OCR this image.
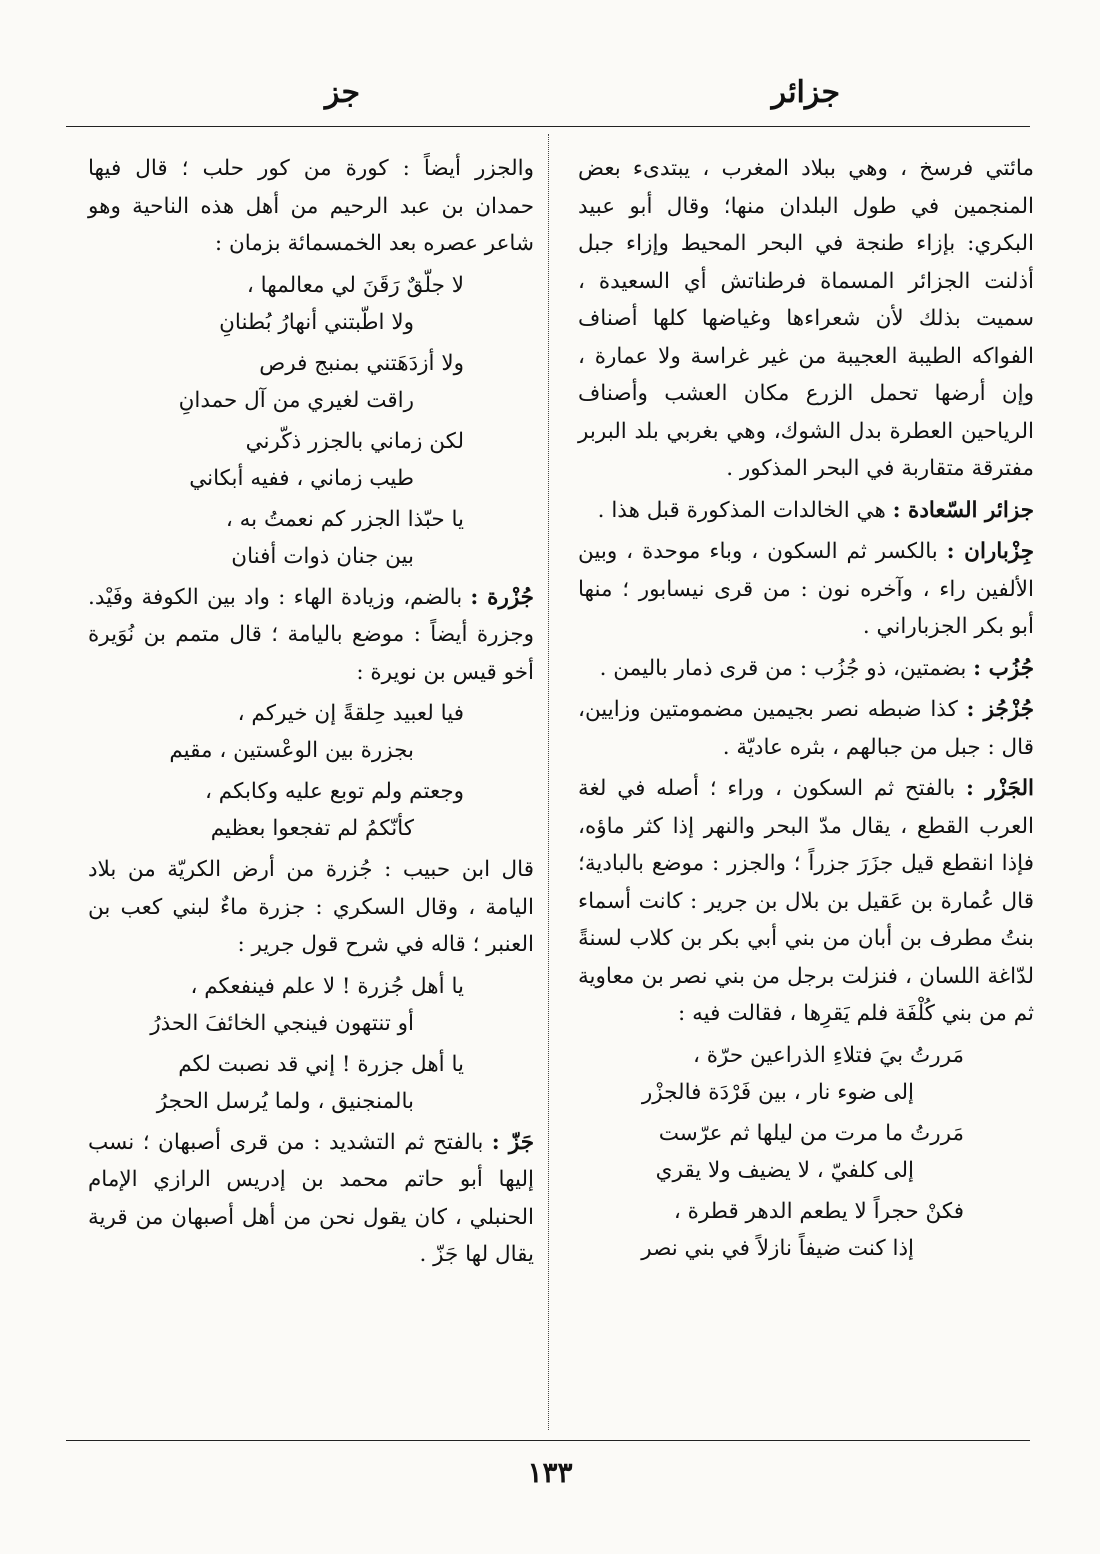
جزائر
جز

مائتي فرسخ ، وهي ببلاد المغرب ، يبتدىء بعض المنجمين في طول البلدان منها؛ وقال أبو عبيد البكري: بإزاء طنجة في البحر المحيط وإزاء جبل أذلنت الجزائر المسماة فرطناتش أي السعيدة ، سميت بذلك لأن شعراءها وغياضها كلها أصناف الفواكه الطيبة العجيبة من غير غراسة ولا عمارة ، وإن أرضها تحمل الزرع مكان العشب وأصناف الرياحين العطرة بدل الشوك، وهي بغربي بلد البربر مفترقة متقاربة في البحر المذكور .

جزائر السّعادة : هي الخالدات المذكورة قبل هذا .

جِزْباران : بالكسر ثم السكون ، وباء موحدة ، وبين الألفين راء ، وآخره نون : من قرى نيسابور ؛ منها أبو بكر الجزباراني .

جُزُب : بضمتين، ذو جُزُب : من قرى ذمار باليمن .

جُزْجُز : كذا ضبطه نصر بجيمين مضمومتين وزايين، قال : جبل من جبالهم ، بثره عاديّة .

الجَزْر : بالفتح ثم السكون ، وراء ؛ أصله في لغة العرب القطع ، يقال مدّ البحر والنهر إذا كثر ماؤه، فإذا انقطع قيل جزَرَ جزراً ؛ والجزر : موضع بالبادية؛ قال عُمارة بن عَقيل بن بلال بن جرير : كانت أسماء بنتُ مطرف بن أبان من بني أبي بكر بن كلاب لسنةً لدّاغة اللسان ، فنزلت برجل من بني نصر بن معاوية ثم من بني كُلْفَة فلم يَقرِها ، فقالت فيه :

مَررتُ بيَ فتلاءِ الذراعين حرّة ،
إلى ضوء نار ، بين فَرْدَة فالجزْر
مَررتُ ما مرت من ليلها ثم عرّست
إلى كلفيّ ، لا يضيف ولا يقري
فكنْ حجراً لا يطعم الدهر قطرة ،
إذا كنت ضيفاً نازلاً في بني نصر

والجزر أيضاً : كورة من كور حلب ؛ قال فيها حمدان بن عبد الرحيم من أهل هذه الناحية وهو شاعر عصره بعد الخمسمائة بزمان :

لا جلّقٌ رَقَنَ لي معالمها ،
ولا اطّبتني أنهارُ بُطنانِ
ولا أزدَهَتني بمنبج فرص
راقت لغيري من آل حمدانِ
لكن زماني بالجزر ذكّرني
طيب زماني ، ففيه أبكاني
يا حبّذا الجزر كم نعمتُ به ،
بين جنان ذوات أفنان

جُزْرة : بالضم، وزيادة الهاء : واد بين الكوفة وفَيْد. وجزرة أيضاً : موضع باليامة ؛ قال متمم بن نُوَيرة أخو قيس بن نويرة :

فيا لعبيد حِلقةً إن خيركم ،
بجزرة بين الوعْستين ، مقيم
وجعتم ولم توبع عليه وكابكم ،
كأنّكمُ لم تفجعوا بعظيم

قال ابن حبيب : جُزرة من أرض الكريّة من بلاد اليامة ، وقال السكري : جزرة ماءٌ لبني كعب بن العنبر ؛ قاله في شرح قول جرير :

يا أهل جُزرة ! لا علم فينفعكم ،
أو تنتهون فينجي الخائفَ الحذرُ
يا أهل جزرة ! إني قد نصبت لكم
بالمنجنيق ، ولما يُرسل الحجرُ

جَزّ : بالفتح ثم التشديد : من قرى أصبهان ؛ نسب إليها أبو حاتم محمد بن إدريس الرازي الإمام الحنبلي ، كان يقول نحن من أهل أصبهان من قرية يقال لها جَزّ .

١٣٣
